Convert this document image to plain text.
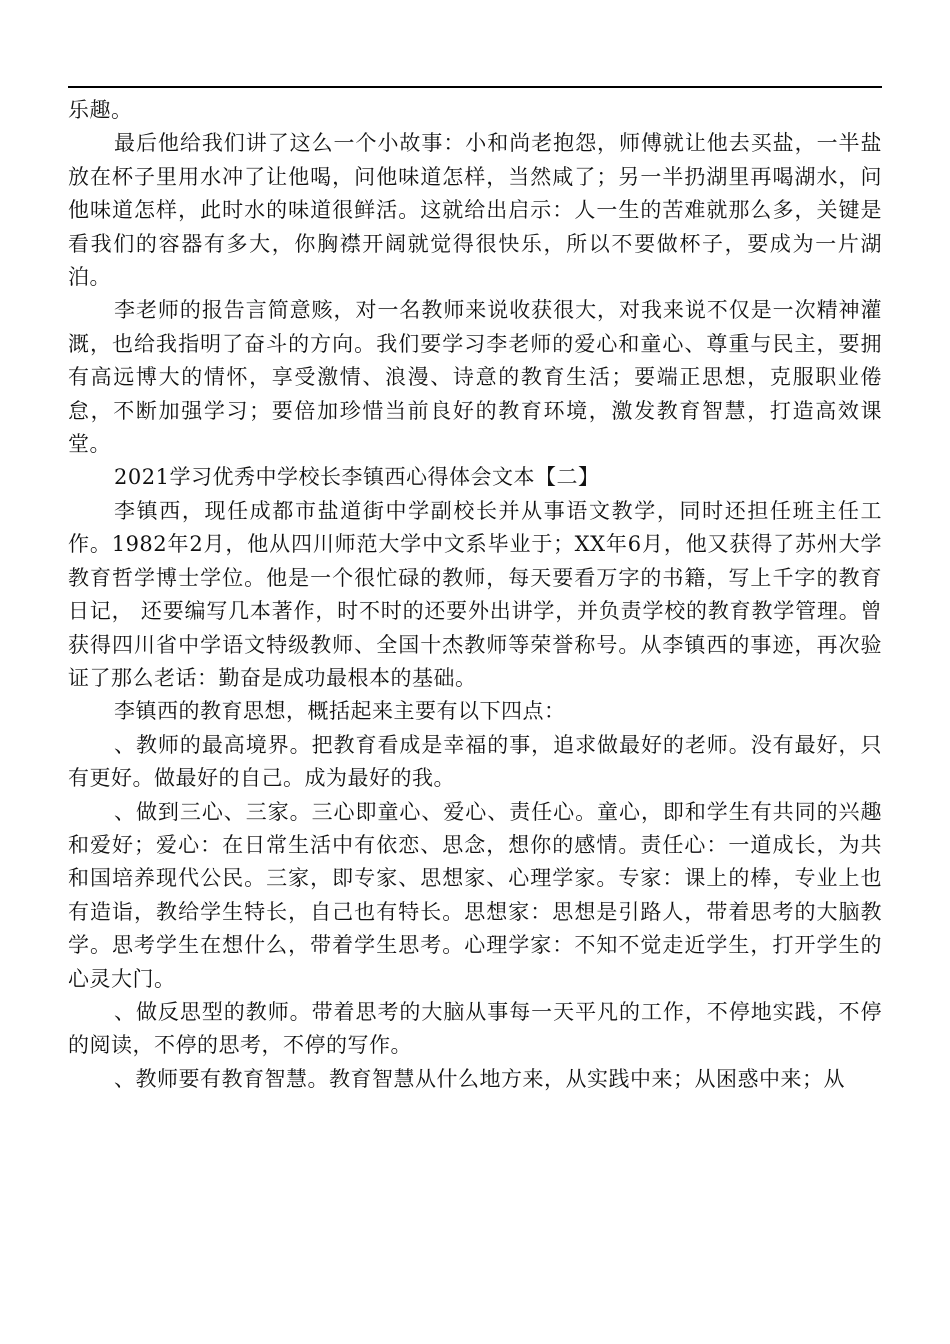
乐趣。

最后他给我们讲了这么一个小故事：小和尚老抱怨，师傅就让他去买盐，一半盐放在杯子里用水冲了让他喝，问他味道怎样，当然咸了；另一半扔湖里再喝湖水，问他味道怎样，此时水的味道很鲜活。这就给出启示：人一生的苦难就那么多，关键是看我们的容器有多大，你胸襟开阔就觉得很快乐，所以不要做杯子，要成为一片湖泊。

李老师的报告言简意赅，对一名教师来说收获很大，对我来说不仅是一次精神灌溉，也给我指明了奋斗的方向。我们要学习李老师的爱心和童心、尊重与民主，要拥有高远博大的情怀，享受激情、浪漫、诗意的教育生活；要端正思想，克服职业倦怠，不断加强学习；要倍加珍惜当前良好的教育环境，激发教育智慧，打造高效课堂。

2021学习优秀中学校长李镇西心得体会文本【二】

李镇西，现任成都市盐道街中学副校长并从事语文教学，同时还担任班主任工作。1982年2月，他从四川师范大学中文系毕业于；XX年6月，他又获得了苏州大学教育哲学博士学位。他是一个很忙碌的教师，每天要看万字的书籍，写上千字的教育日记， 还要编写几本著作，时不时的还要外出讲学，并负责学校的教育教学管理。曾获得四川省中学语文特级教师、全国十杰教师等荣誉称号。从李镇西的事迹，再次验证了那么老话：勤奋是成功最根本的基础。

李镇西的教育思想，概括起来主要有以下四点：

、教师的最高境界。把教育看成是幸福的事，追求做最好的老师。没有最好，只有更好。做最好的自己。成为最好的我。

、做到三心、三家。三心即童心、爱心、责任心。童心，即和学生有共同的兴趣和爱好；爱心：在日常生活中有依恋、思念，想你的感情。责任心：一道成长，为共和国培养现代公民。三家，即专家、思想家、心理学家。专家：课上的棒，专业上也有造诣，教给学生特长，自己也有特长。思想家：思想是引路人，带着思考的大脑教学。思考学生在想什么，带着学生思考。心理学家：不知不觉走近学生，打开学生的心灵大门。

、做反思型的教师。带着思考的大脑从事每一天平凡的工作，不停地实践，不停的阅读，不停的思考，不停的写作。

、教师要有教育智慧。教育智慧从什么地方来，从实践中来；从困惑中来；从
